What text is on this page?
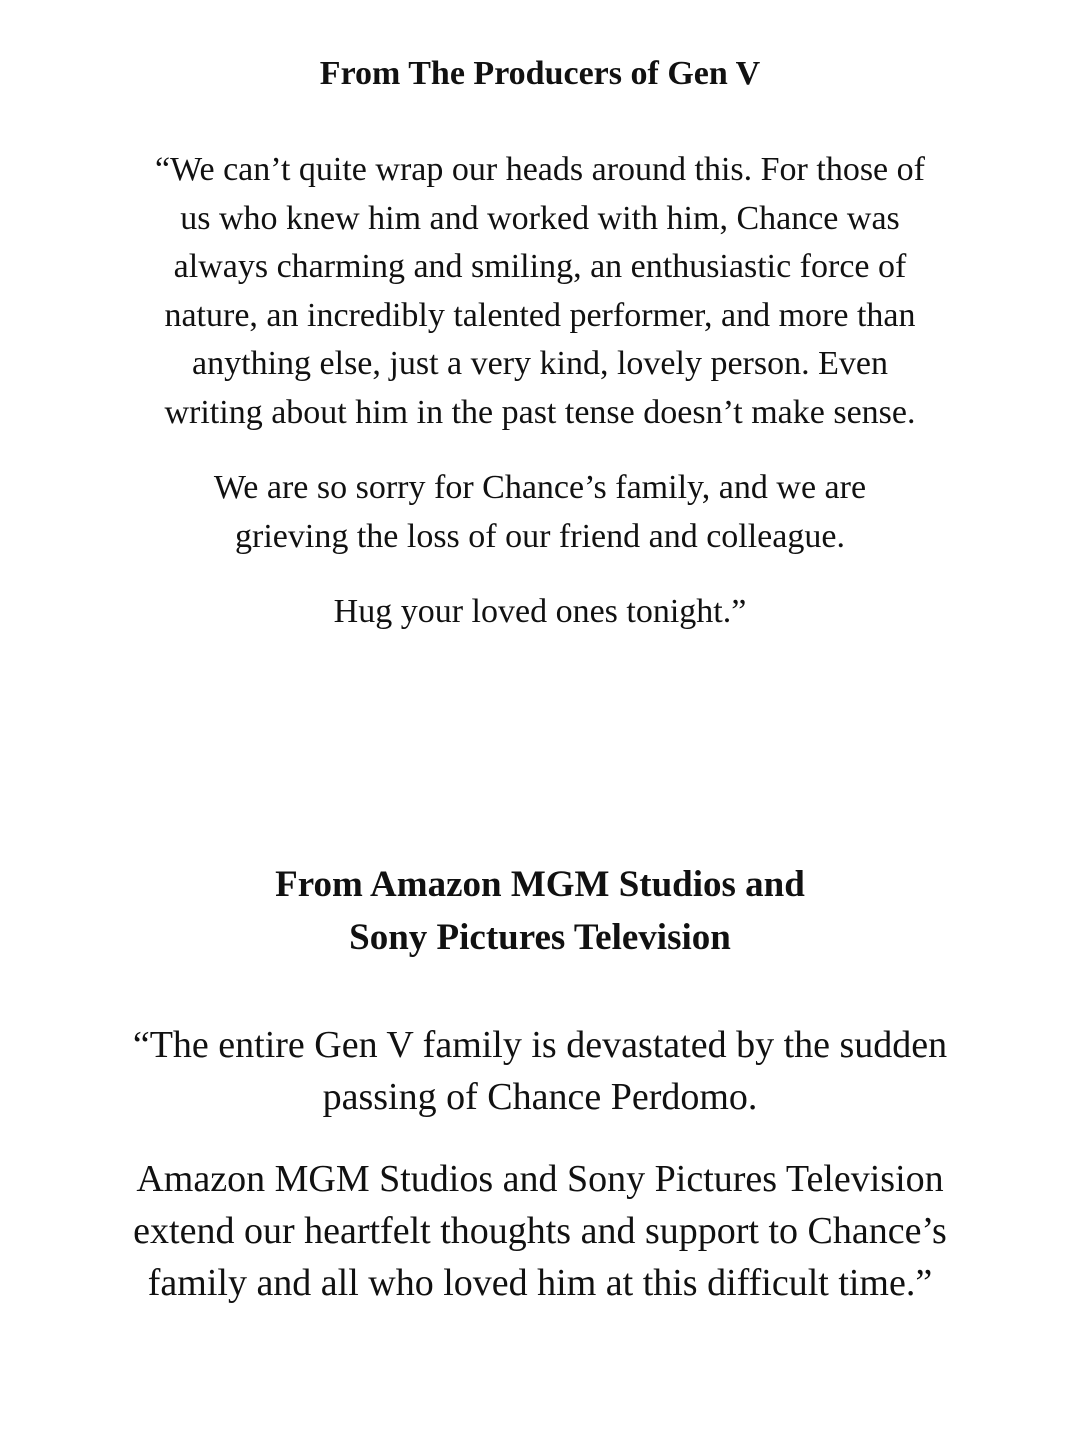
From The Producers of Gen V

“We can’t quite wrap our heads around this. For those of
us who knew him and worked with him, Chance was
always charming and smiling, an enthusiastic force of
nature, an incredibly talented performer, and more than
anything else, just a very kind, lovely person. Even
writing about him in the past tense doesn’t make sense.

We are so sorry for Chance’s family, and we are
grieving the loss of our friend and colleague.

Hug your loved ones tonight.”

From Amazon MGM Studios and
Sony Pictures Television

“The entire Gen V family is devastated by the sudden
passing of Chance Perdomo.

Amazon MGM Studios and Sony Pictures Television
extend our heartfelt thoughts and support to Chance’s
family and all who loved him at this difficult time.”
